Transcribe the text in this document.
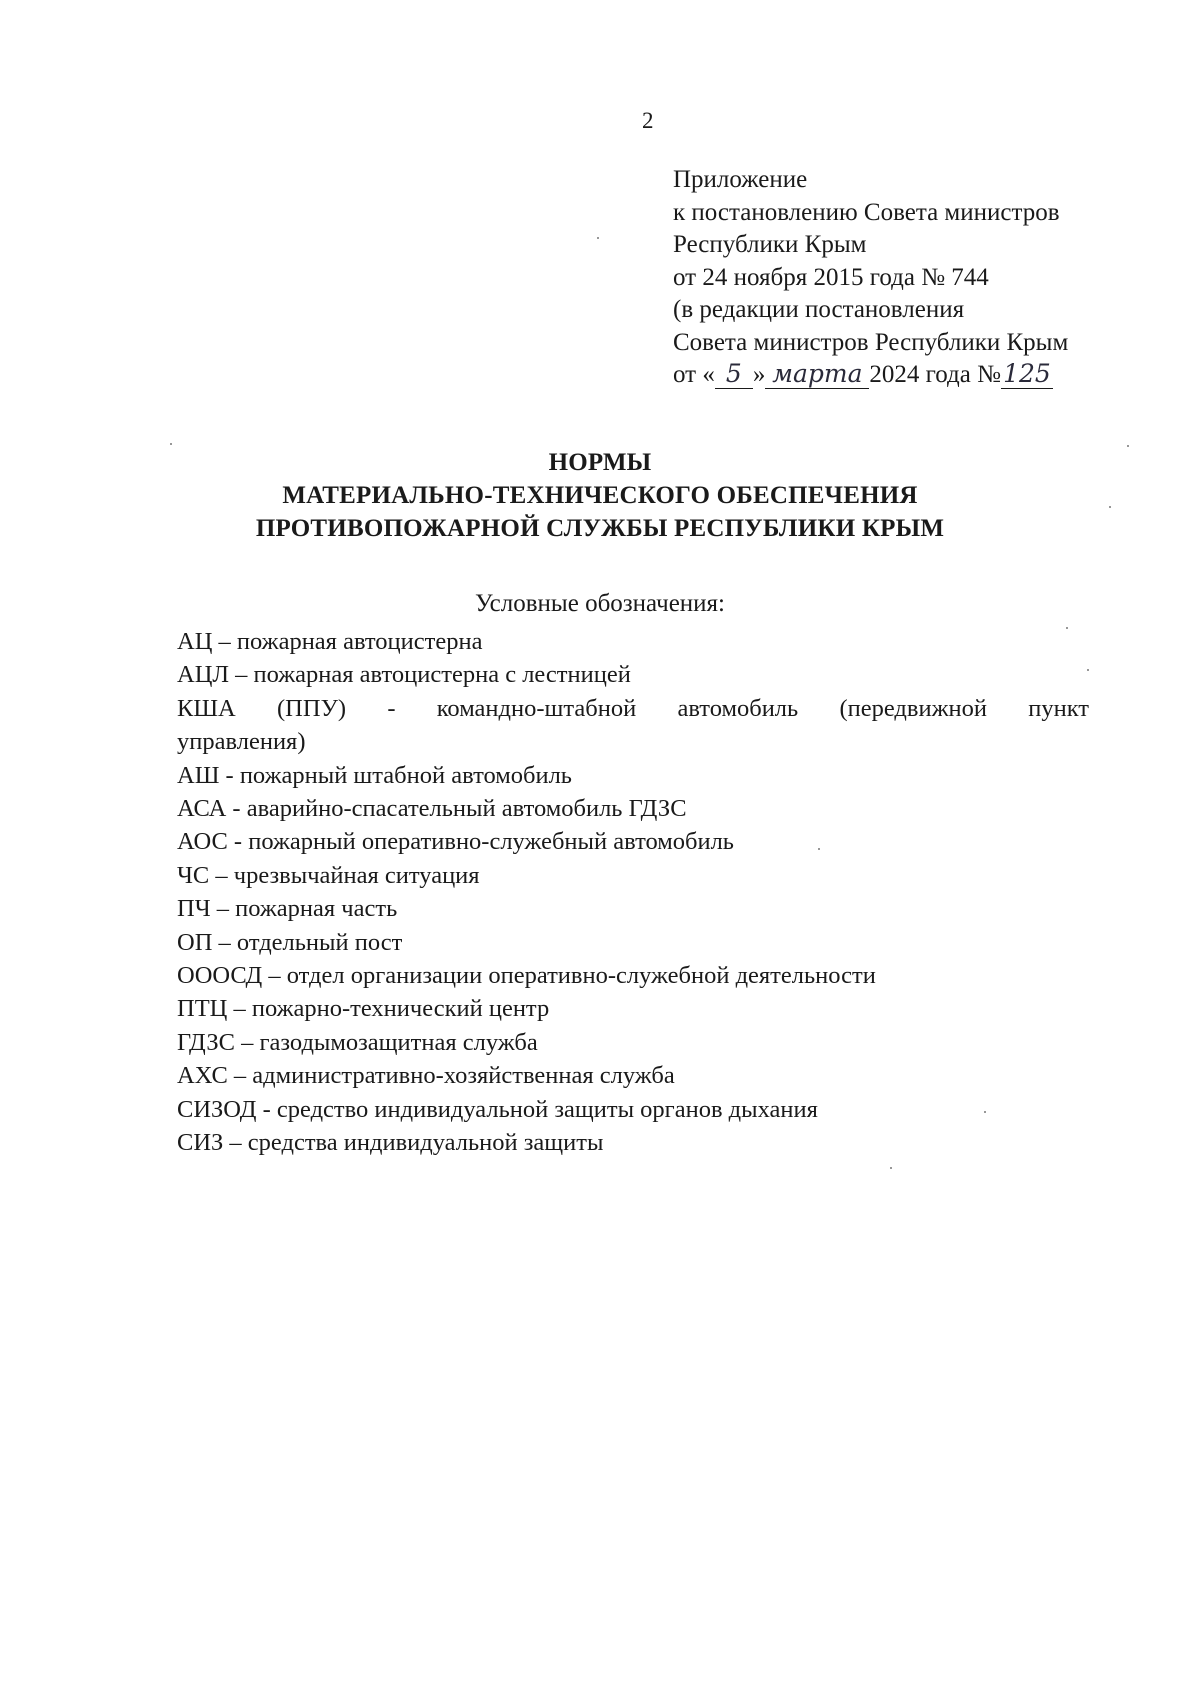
2
Приложение
к постановлению Совета министров
Республики Крым
от 24 ноября 2015 года № 744
(в редакции постановления
Совета министров Республики Крым
от « 5 » марта 2024 года №125
НОРМЫ
МАТЕРИАЛЬНО-ТЕХНИЧЕСКОГО ОБЕСПЕЧЕНИЯ
ПРОТИВОПОЖАРНОЙ СЛУЖБЫ РЕСПУБЛИКИ КРЫМ
Условные обозначения:
АЦ – пожарная автоцистерна
АЦЛ – пожарная автоцистерна с лестницей
КША (ППУ) - командно-штабной автомобиль (передвижной пункт
управления)
АШ - пожарный штабной автомобиль
АСА - аварийно-спасательный автомобиль ГДЗС
АОС - пожарный оперативно-служебный автомобиль
ЧС – чрезвычайная ситуация
ПЧ – пожарная часть
ОП – отдельный пост
ОООСД – отдел организации оперативно-служебной деятельности
ПТЦ – пожарно-технический центр
ГДЗС – газодымозащитная служба
АХС – административно-хозяйственная служба
СИЗОД - средство индивидуальной защиты органов дыхания
СИЗ – средства индивидуальной защиты
